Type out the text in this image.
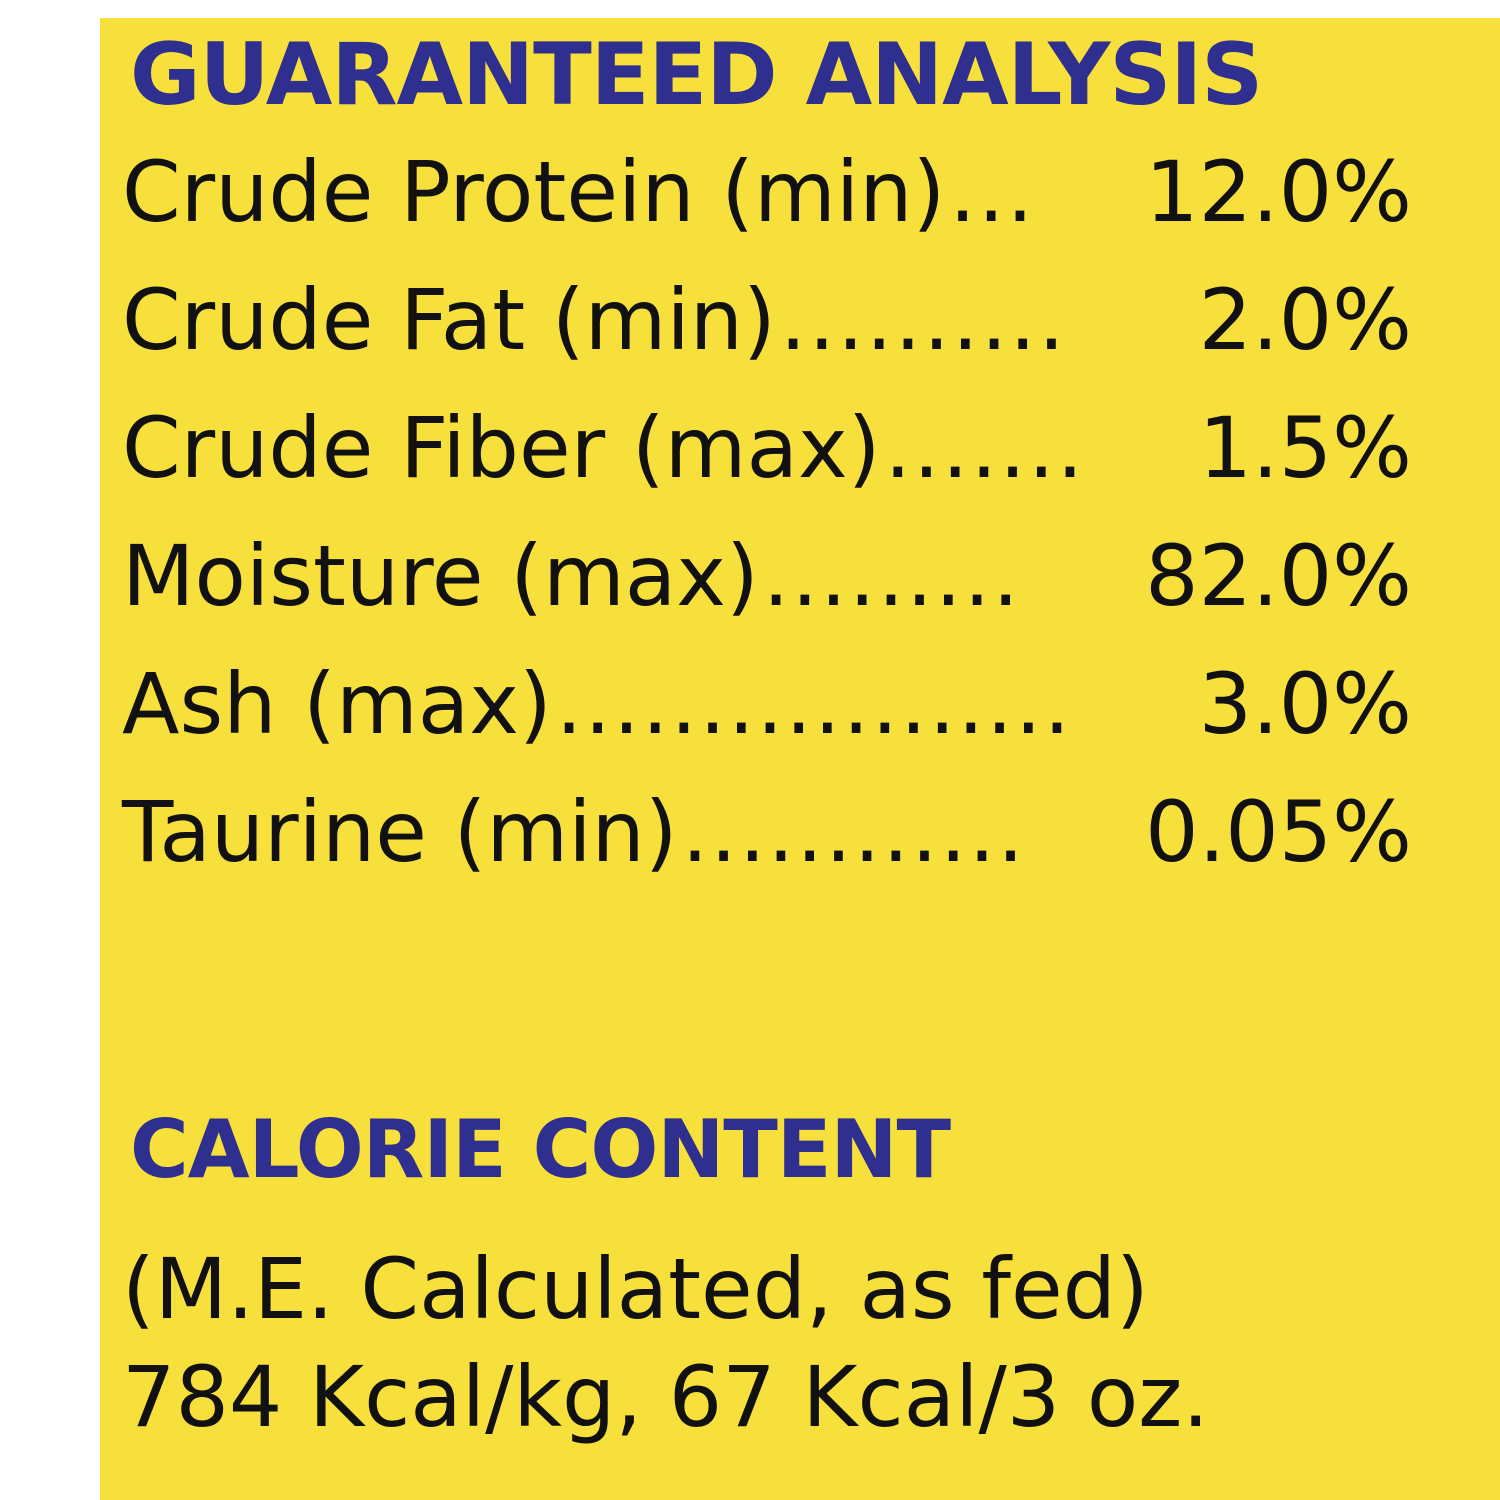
GUARANTEED ANALYSIS
Crude Protein (min) ...	12.0%
Crude Fat (min) ..........	2.0%
Crude Fiber (max) .......	1.5%
Moisture (max) .........	82.0%
Ash (max) ..................	3.0%
Taurine (min) ............	0.05%
CALORIE CONTENT
(M.E. Calculated, as fed)
784 Kcal/kg, 67 Kcal/3 oz.
